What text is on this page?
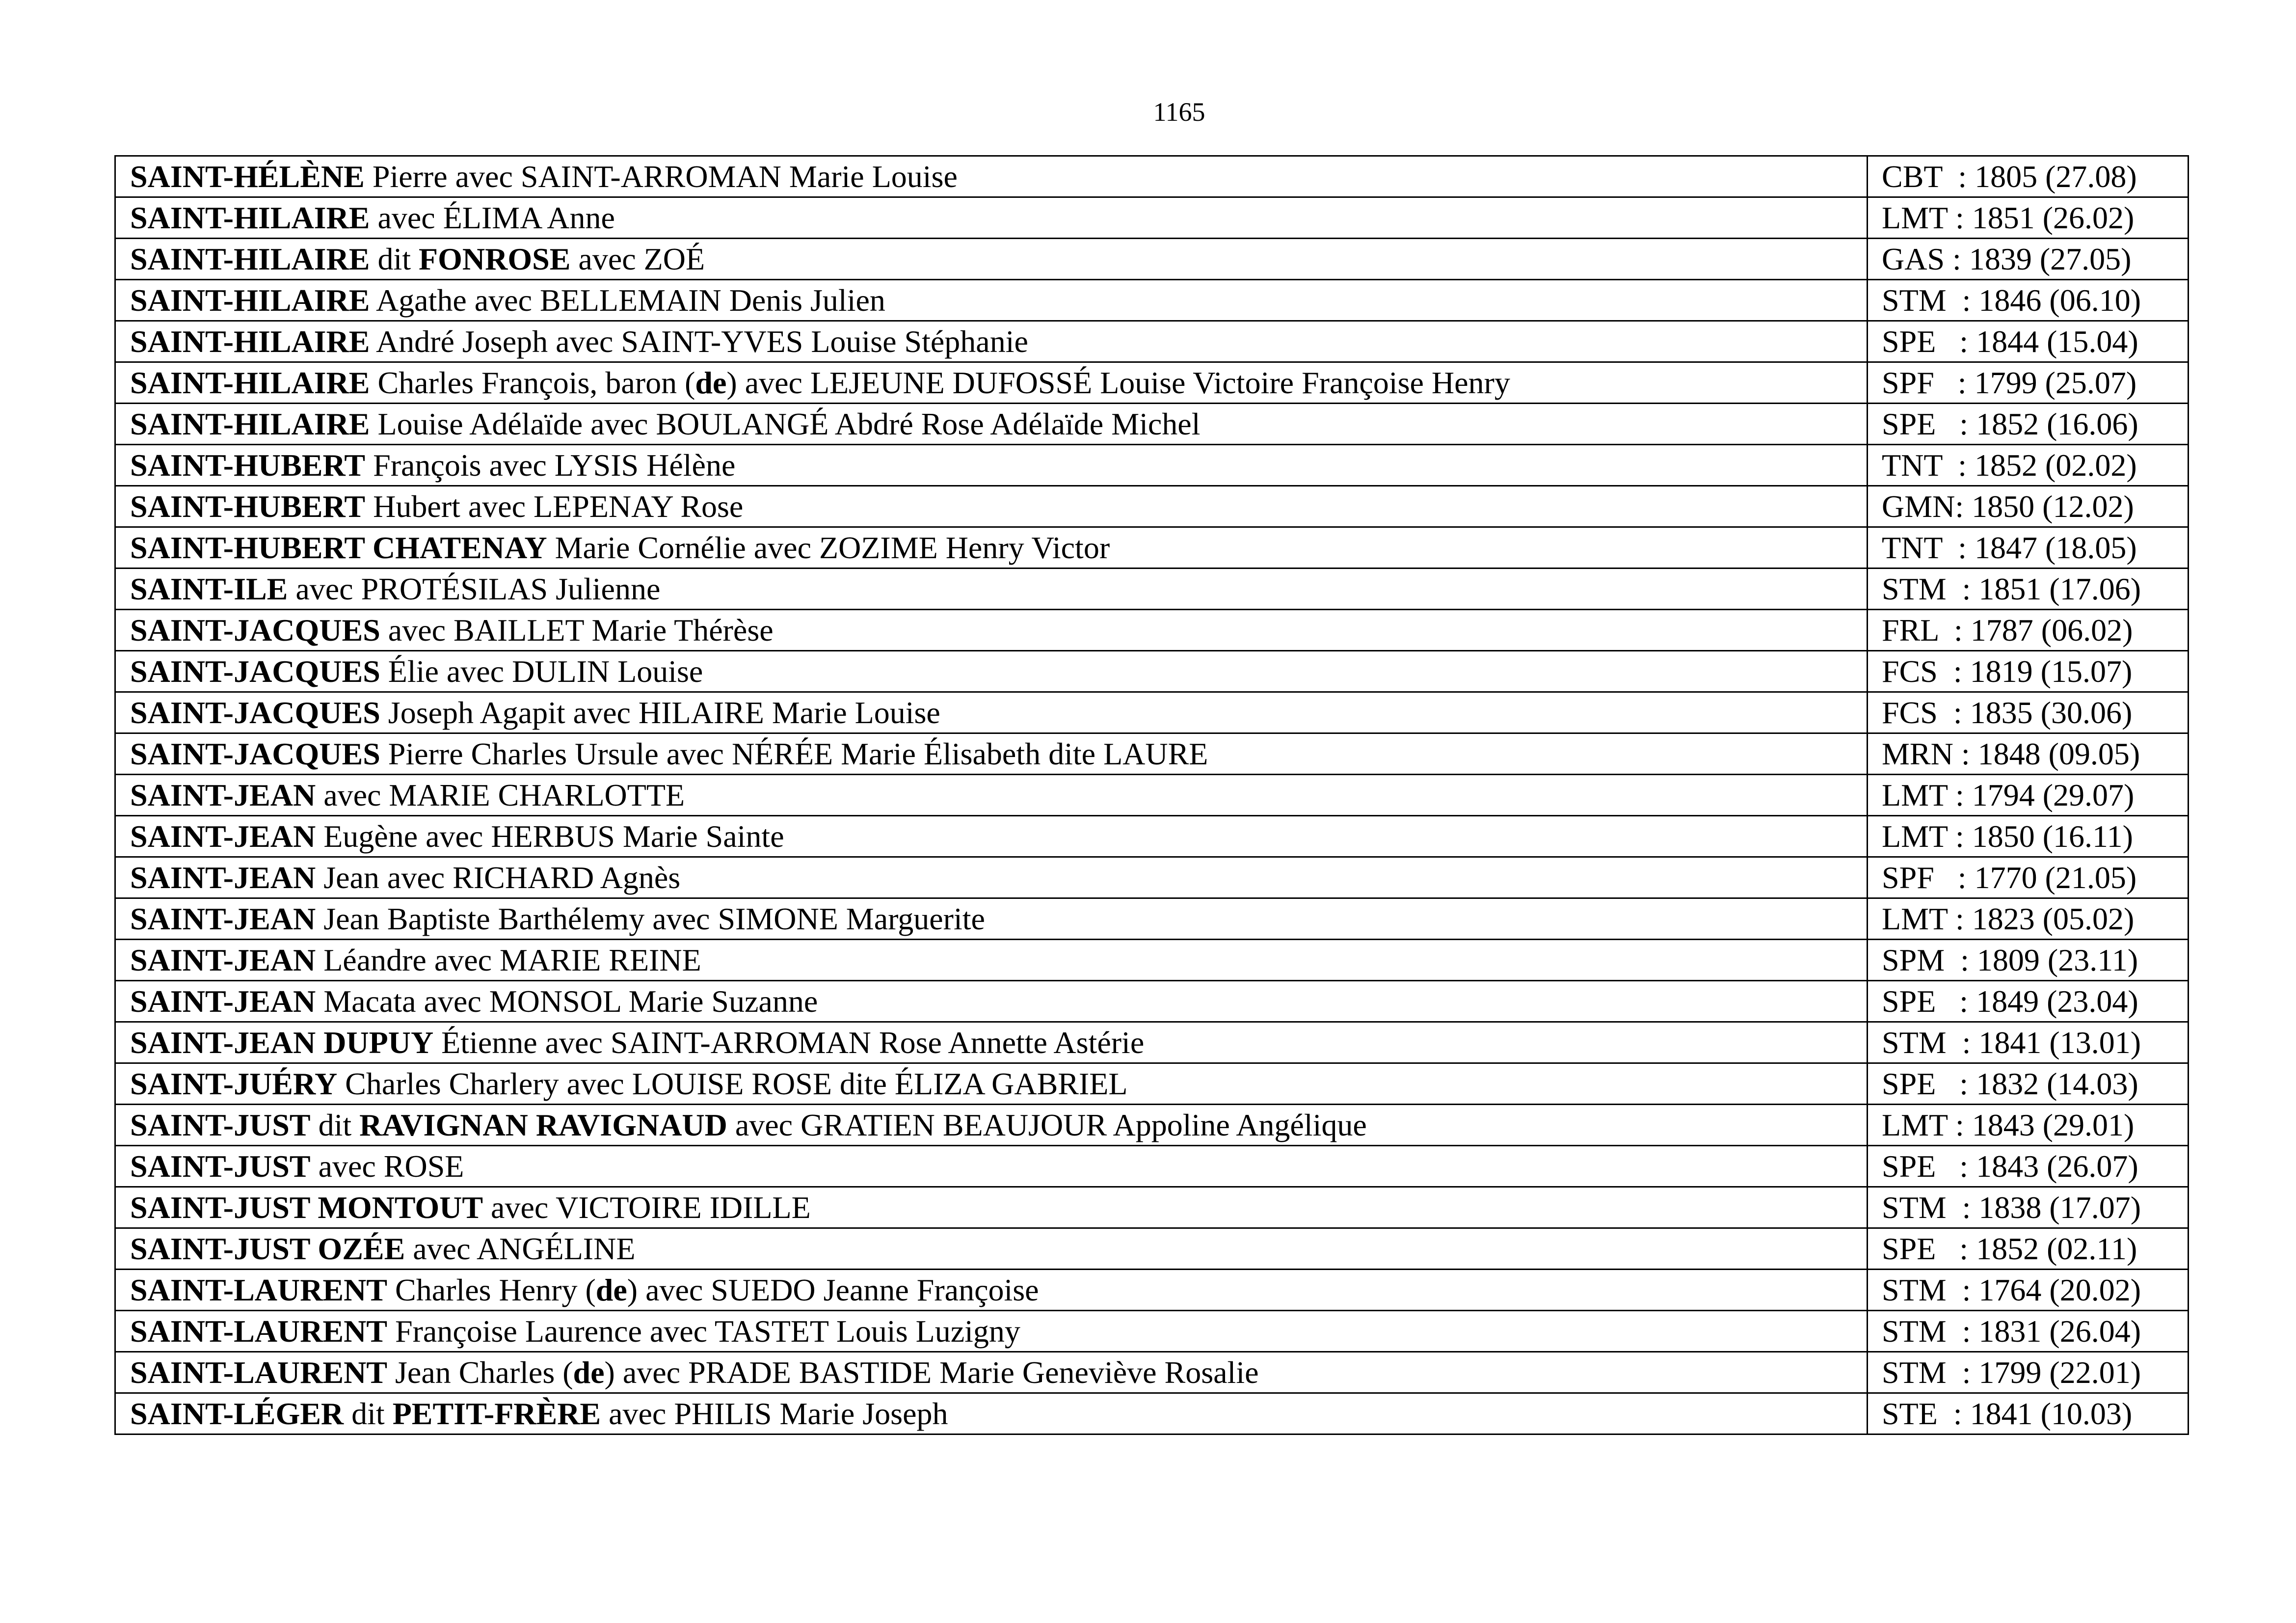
1165
SAINT-HÉLÈNE Pierre avec SAINT-ARROMAN Marie Louise	CBT  : 1805 (27.08)
SAINT-HILAIRE avec ÉLIMA Anne	LMT : 1851 (26.02)
SAINT-HILAIRE dit FONROSE avec ZOÉ	GAS : 1839 (27.05)
SAINT-HILAIRE Agathe avec BELLEMAIN Denis Julien	STM  : 1846 (06.10)
SAINT-HILAIRE André Joseph avec SAINT-YVES Louise Stéphanie	SPE   : 1844 (15.04)
SAINT-HILAIRE Charles François, baron (de) avec LEJEUNE DUFOSSÉ Louise Victoire Françoise Henry	SPF   : 1799 (25.07)
SAINT-HILAIRE Louise Adélaïde avec BOULANGÉ Abdré Rose Adélaïde Michel	SPE   : 1852 (16.06)
SAINT-HUBERT François avec LYSIS Hélène	TNT  : 1852 (02.02)
SAINT-HUBERT Hubert avec LEPENAY Rose	GMN: 1850 (12.02)
SAINT-HUBERT CHATENAY Marie Cornélie avec ZOZIME Henry Victor	TNT  : 1847 (18.05)
SAINT-ILE avec PROTÉSILAS Julienne	STM  : 1851 (17.06)
SAINT-JACQUES avec BAILLET Marie Thérèse	FRL  : 1787 (06.02)
SAINT-JACQUES Élie avec DULIN Louise	FCS  : 1819 (15.07)
SAINT-JACQUES Joseph Agapit avec HILAIRE Marie Louise	FCS  : 1835 (30.06)
SAINT-JACQUES Pierre Charles Ursule avec NÉRÉE Marie Élisabeth dite LAURE	MRN : 1848 (09.05)
SAINT-JEAN avec MARIE CHARLOTTE	LMT : 1794 (29.07)
SAINT-JEAN Eugène avec HERBUS Marie Sainte	LMT : 1850 (16.11)
SAINT-JEAN Jean avec RICHARD Agnès	SPF   : 1770 (21.05)
SAINT-JEAN Jean Baptiste Barthélemy avec SIMONE Marguerite	LMT : 1823 (05.02)
SAINT-JEAN Léandre avec MARIE REINE	SPM  : 1809 (23.11)
SAINT-JEAN Macata avec MONSOL Marie Suzanne	SPE   : 1849 (23.04)
SAINT-JEAN DUPUY Étienne avec SAINT-ARROMAN Rose Annette Astérie	STM  : 1841 (13.01)
SAINT-JUÉRY Charles Charlery avec LOUISE ROSE dite ÉLIZA GABRIEL	SPE   : 1832 (14.03)
SAINT-JUST dit RAVIGNAN RAVIGNAUD avec GRATIEN BEAUJOUR Appoline Angélique	LMT : 1843 (29.01)
SAINT-JUST avec ROSE	SPE   : 1843 (26.07)
SAINT-JUST MONTOUT avec VICTOIRE IDILLE	STM  : 1838 (17.07)
SAINT-JUST OZÉE avec ANGÉLINE	SPE   : 1852 (02.11)
SAINT-LAURENT Charles Henry (de) avec SUEDO Jeanne Françoise	STM  : 1764 (20.02)
SAINT-LAURENT Françoise Laurence avec TASTET Louis Luzigny	STM  : 1831 (26.04)
SAINT-LAURENT Jean Charles (de) avec PRADE BASTIDE Marie Geneviève Rosalie	STM  : 1799 (22.01)
SAINT-LÉGER dit PETIT-FRÈRE avec PHILIS Marie Joseph	STE  : 1841 (10.03)
